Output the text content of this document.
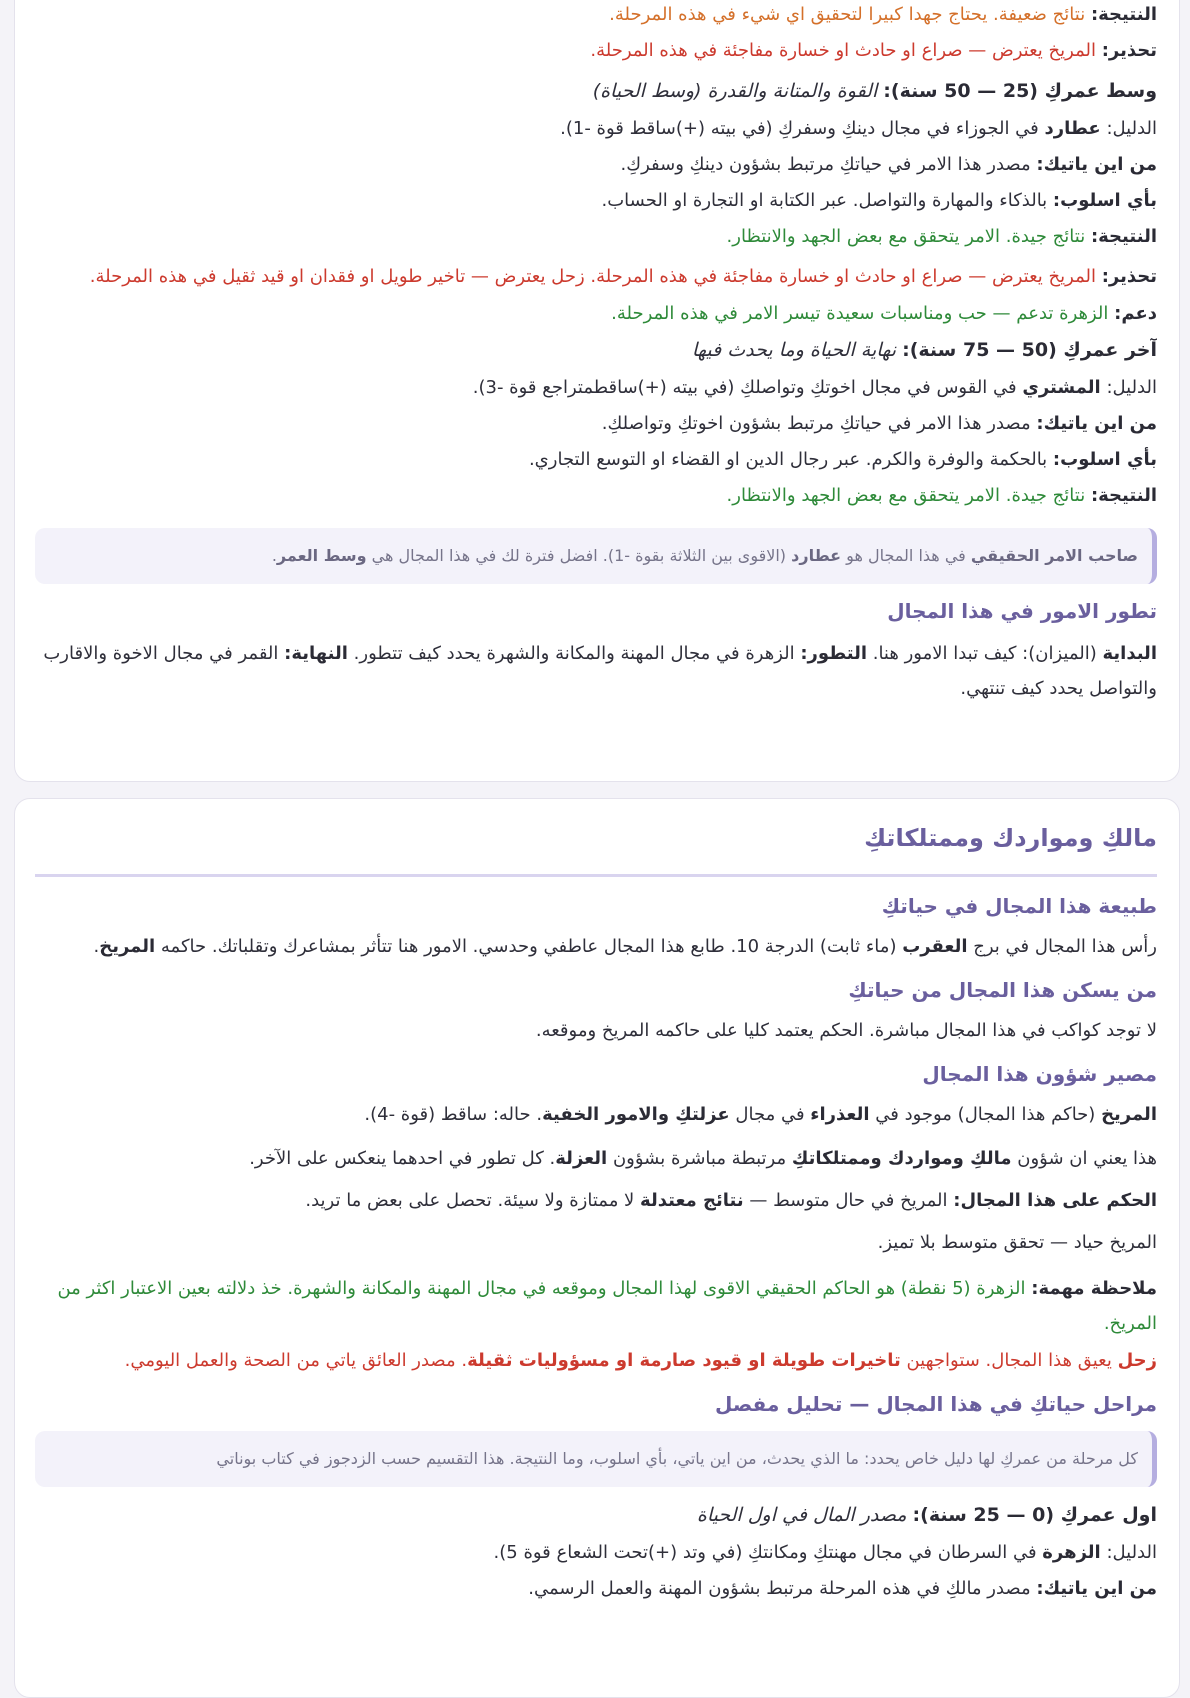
النتيجة: نتائج ضعيفة. يحتاج جهدا كبيرا لتحقيق اي شيء في هذه المرحلة.
تحذير: المريخ يعترض — صراع او حادث او خسارة مفاجئة في هذه المرحلة.
وسط عمركِ (25 — 50 سنة): القوة والمتانة والقدرة (وسط الحياة)
الدليل: عطارد في الجوزاء في مجال دينكِ وسفركِ (في بيته (+)ساقط قوة -1).
من اين ياتيك: مصدر هذا الامر في حياتكِ مرتبط بشؤون دينكِ وسفركِ.
بأي اسلوب: بالذكاء والمهارة والتواصل. عبر الكتابة او التجارة او الحساب.
النتيجة: نتائج جيدة. الامر يتحقق مع بعض الجهد والانتظار.
تحذير: المريخ يعترض — صراع او حادث او خسارة مفاجئة في هذه المرحلة. زحل يعترض — تاخير طويل او فقدان او قيد ثقيل في هذه المرحلة.
دعم: الزهرة تدعم — حب ومناسبات سعيدة تيسر الامر في هذه المرحلة.
آخر عمركِ (50 — 75 سنة): نهاية الحياة وما يحدث فيها
الدليل: المشتري في القوس في مجال اخوتكِ وتواصلكِ (في بيته (+)ساقطمتراجع قوة -3).
من اين ياتيك: مصدر هذا الامر في حياتكِ مرتبط بشؤون اخوتكِ وتواصلكِ.
بأي اسلوب: بالحكمة والوفرة والكرم. عبر رجال الدين او القضاء او التوسع التجاري.
النتيجة: نتائج جيدة. الامر يتحقق مع بعض الجهد والانتظار.
صاحب الامر الحقيقي في هذا المجال هو عطارد (الاقوى بين الثلاثة بقوة -1). افضل فترة لك في هذا المجال هي وسط العمر.
تطور الامور في هذا المجال
البداية (الميزان): كيف تبدا الامور هنا. التطور: الزهرة في مجال المهنة والمكانة والشهرة يحدد كيف تتطور. النهاية: القمر في مجال الاخوة والاقارب والتواصل يحدد كيف تنتهي.
مالكِ ومواردك وممتلكاتكِ
طبيعة هذا المجال في حياتكِ
رأس هذا المجال في برج العقرب (ماء ثابت) الدرجة 10. طابع هذا المجال عاطفي وحدسي. الامور هنا تتأثر بمشاعرك وتقلباتك. حاكمه المريخ.
من يسكن هذا المجال من حياتكِ
لا توجد كواكب في هذا المجال مباشرة. الحكم يعتمد كليا على حاكمه المريخ وموقعه.
مصير شؤون هذا المجال
المريخ (حاكم هذا المجال) موجود في العذراء في مجال عزلتكِ والامور الخفية. حاله: ساقط (قوة -4).
هذا يعني ان شؤون مالكِ ومواردك وممتلكاتكِ مرتبطة مباشرة بشؤون العزلة. كل تطور في احدهما ينعكس على الآخر.
الحكم على هذا المجال: المريخ في حال متوسط — نتائج معتدلة لا ممتازة ولا سيئة. تحصل على بعض ما تريد.
المريخ حياد — تحقق متوسط بلا تميز.
ملاحظة مهمة: الزهرة (5 نقطة) هو الحاكم الحقيقي الاقوى لهذا المجال وموقعه في مجال المهنة والمكانة والشهرة. خذ دلالته بعين الاعتبار اكثر من المريخ.
زحل يعيق هذا المجال. ستواجهين تاخيرات طويلة او قيود صارمة او مسؤوليات ثقيلة. مصدر العائق ياتي من الصحة والعمل اليومي.
مراحل حياتكِ في هذا المجال — تحليل مفصل
كل مرحلة من عمركِ لها دليل خاص يحدد: ما الذي يحدث، من اين ياتي، بأي اسلوب، وما النتيجة. هذا التقسيم حسب الزدجوز في كتاب بوناتي
اول عمركِ (0 — 25 سنة): مصدر المال في اول الحياة
الدليل: الزهرة في السرطان في مجال مهنتكِ ومكانتكِ (في وتد (+)تحت الشعاع قوة 5).
من اين ياتيك: مصدر مالكِ في هذه المرحلة مرتبط بشؤون المهنة والعمل الرسمي.
